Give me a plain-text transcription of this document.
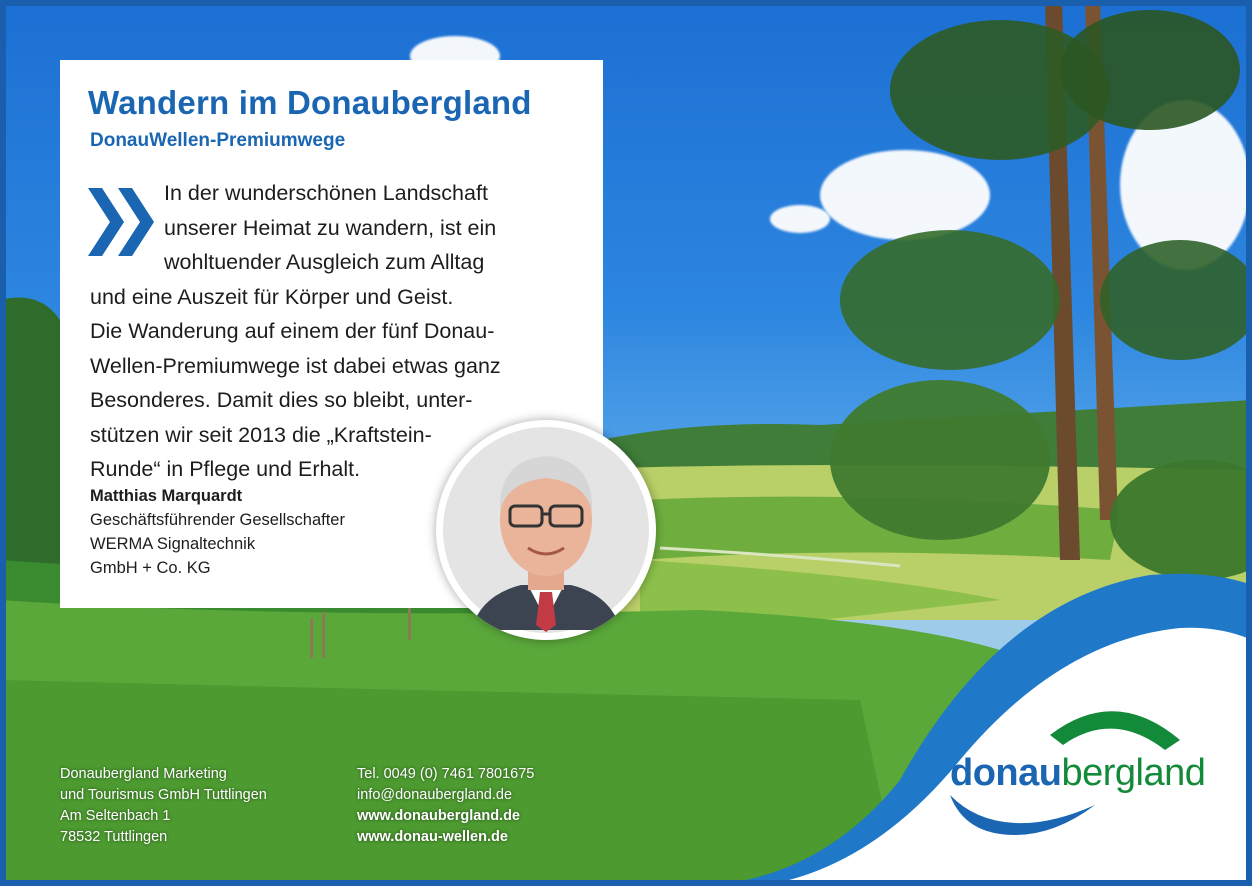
donaubergland
Wandern im Donaubergland
DonauWellen-Premiumwege
In der wunderschönen Landschaft
unserer Heimat zu wandern, ist ein
wohltuender Ausgleich zum Alltag
und eine Auszeit für Körper und Geist.
Die Wanderung auf einem der fünf Donau-
Wellen-Premiumwege ist dabei etwas ganz
Besonderes. Damit dies so bleibt, unter-
stützen wir seit 2013 die „Kraftstein-
Runde“ in Pflege und Erhalt.
Matthias Marquardt
Geschäftsführender Gesellschafter
WERMA Signaltechnik
GmbH + Co. KG
Donaubergland Marketing
und Tourismus GmbH Tuttlingen
Am Seltenbach 1
78532 Tuttlingen
Tel. 0049 (0) 7461 7801675
info@donaubergland.de
www.donaubergland.de
www.donau-wellen.de
